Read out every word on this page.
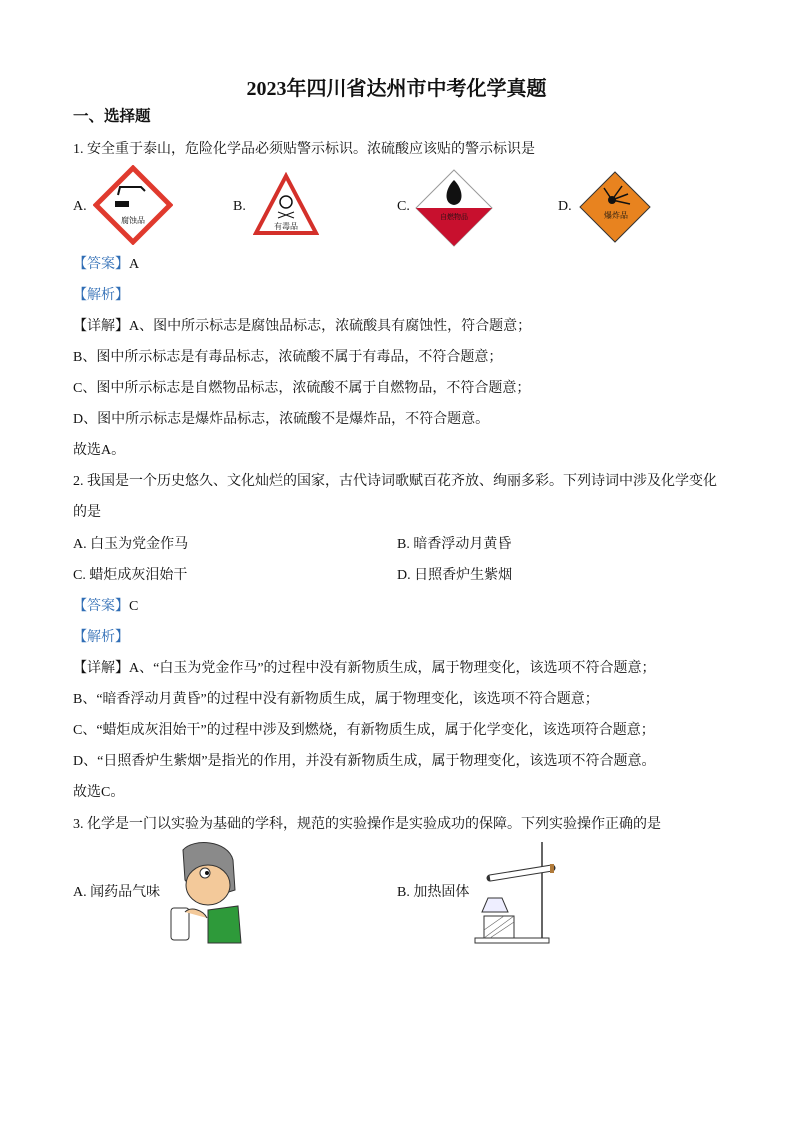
2023年四川省达州市中考化学真题
一、选择题
1. 安全重于泰山，危险化学品必须贴警示标识。浓硫酸应该贴的警示标识是
A.
腐蚀品
B.
有毒品
C.
自燃物品
D.
爆炸品
【答案】A
【解析】
【详解】A、图中所示标志是腐蚀品标志，浓硫酸具有腐蚀性，符合题意；
B、图中所示标志是有毒品标志，浓硫酸不属于有毒品，不符合题意；
C、图中所示标志是自燃物品标志，浓硫酸不属于自燃物品，不符合题意；
D、图中所示标志是爆炸品标志，浓硫酸不是爆炸品，不符合题意。
故选A。
2. 我国是一个历史悠久、文化灿烂的国家，古代诗词歌赋百花齐放、绚丽多彩。下列诗词中涉及化学变化
的是
A. 白玉为党金作马	B. 暗香浮动月黄昏
C. 蜡炬成灰泪始干	D. 日照香炉生紫烟
【答案】C
【解析】
【详解】A、“白玉为党金作马”的过程中没有新物质生成，属于物理变化，该选项不符合题意；
B、“暗香浮动月黄昏”的过程中没有新物质生成，属于物理变化，该选项不符合题意；
C、“蜡炬成灰泪始干”的过程中涉及到燃烧，有新物质生成，属于化学变化，该选项符合题意；
D、“日照香炉生紫烟”是指光的作用，并没有新物质生成，属于物理变化，该选项不符合题意。
故选C。
3. 化学是一门以实验为基础的学科，规范的实验操作是实验成功的保障。下列实验操作正确的是
A. 闻药品气味	B. 加热固体
